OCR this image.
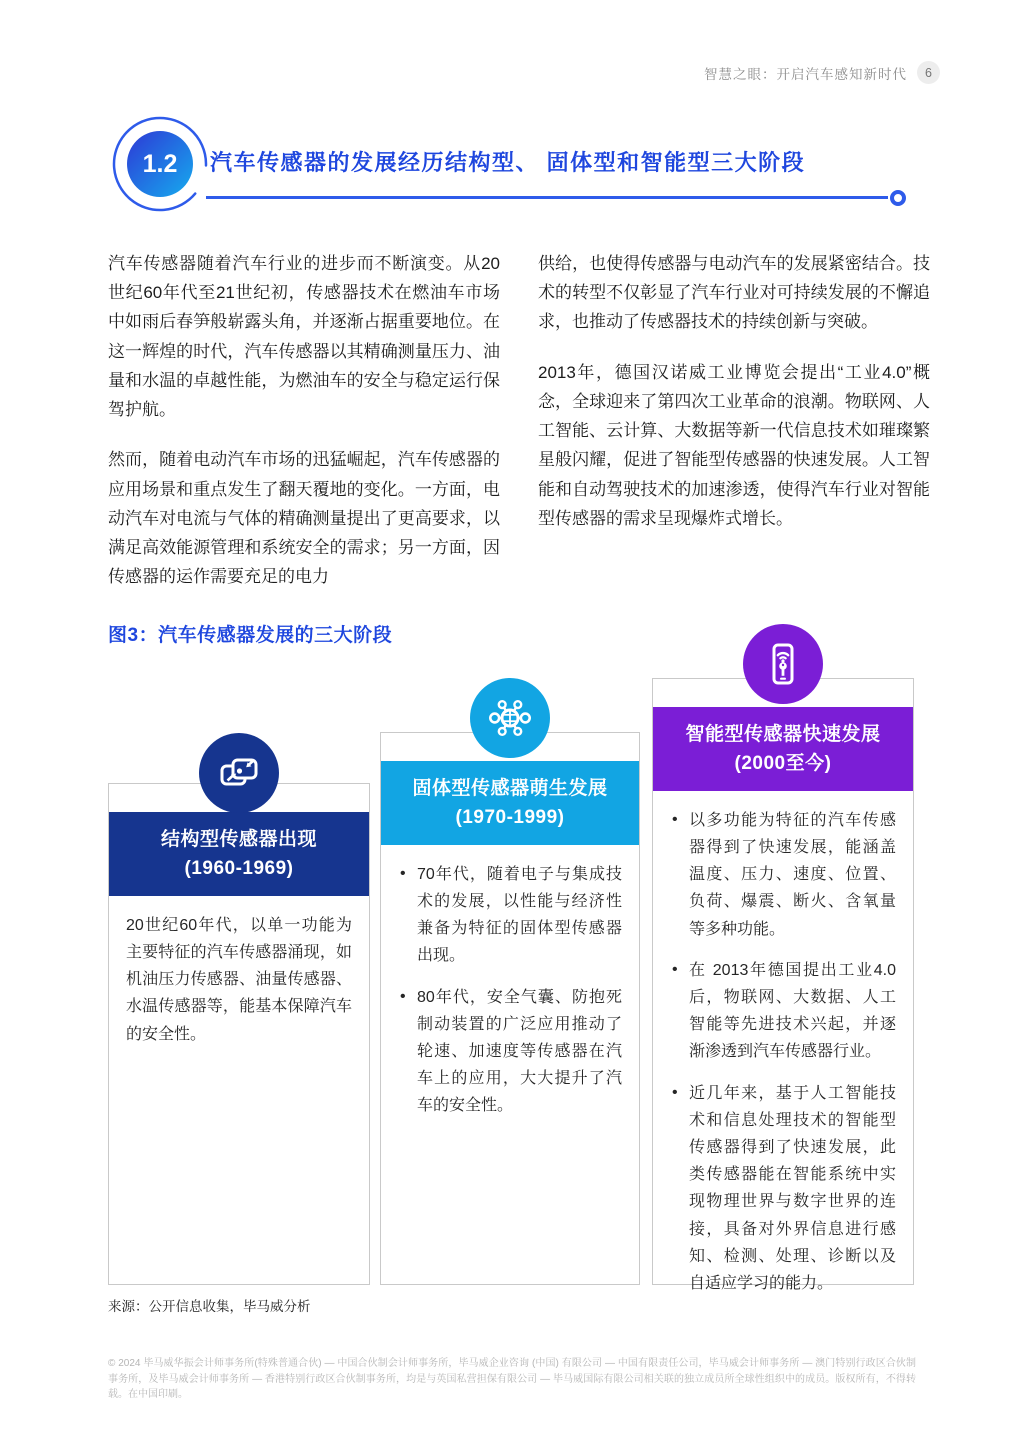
智慧之眼：开启汽车感知新时代	6
1.2	汽车传感器的发展经历结构型、 固体型和智能型三大阶段

汽车传感器随着汽车行业的进步而不断演变。从20世纪60年代至21世纪初，传感器技术在燃油车市场中如雨后春笋般崭露头角，并逐渐占据重要地位。在这一辉煌的时代，汽车传感器以其精确测量压力、油量和水温的卓越性能，为燃油车的安全与稳定运行保驾护航。

然而，随着电动汽车市场的迅猛崛起，汽车传感器的应用场景和重点发生了翻天覆地的变化。一方面，电动汽车对电流与气体的精确测量提出了更高要求，以满足高效能源管理和系统安全的需求；另一方面，因传感器的运作需要充足的电力

供给，也使得传感器与电动汽车的发展紧密结合。技术的转型不仅彰显了汽车行业对可持续发展的不懈追求，也推动了传感器技术的持续创新与突破。

2013年，德国汉诺威工业博览会提出“工业4.0”概念，全球迎来了第四次工业革命的浪潮。物联网、人工智能、云计算、大数据等新一代信息技术如璀璨繁星般闪耀，促进了智能型传感器的快速发展。人工智能和自动驾驶技术的加速渗透，使得汽车行业对智能型传感器的需求呈现爆炸式增长。

图3：汽车传感器发展的三大阶段
结构型传感器出现
(1960-1969)

20世纪60年代，以单一功能为主要特征的汽车传感器涌现，如机油压力传感器、油量传感器、水温传感器等，能基本保障汽车的安全性。

固体型传感器萌生发展
(1970-1999)
• 70年代，随着电子与集成技术的发展，以性能与经济性兼备为特征的固体型传感器出现。
• 80年代，安全气囊、防抱死制动装置的广泛应用推动了轮速、加速度等传感器在汽车上的应用，大大提升了汽车的安全性。
智能型传感器快速发展
(2000至今)
• 以多功能为特征的汽车传感器得到了快速发展，能涵盖温度、压力、速度、位置、负荷、爆震、断火、含氧量等多种功能。
• 在 2013年德国提出工业4.0后，物联网、大数据、人工智能等先进技术兴起，并逐渐渗透到汽车传感器行业。
• 近几年来，基于人工智能技术和信息处理技术的智能型传感器得到了快速发展，此类传感器能在智能系统中实现物理世界与数字世界的连接，具备对外界信息进行感知、检测、处理、诊断以及自适应学习的能力。
来源：公开信息收集，毕马威分析
© 2024 毕马威华振会计师事务所(特殊普通合伙) — 中国合伙制会计师事务所，毕马威企业咨询 (中国) 有限公司 — 中国有限责任公司，毕马威会计师事务所 — 澳门特别行政区合伙制事务所，及毕马威会计师事务所 — 香港特别行政区合伙制事务所，均是与英国私营担保有限公司 — 毕马威国际有限公司相关联的独立成员所全球性组织中的成员。版权所有，不得转载。在中国印刷。
